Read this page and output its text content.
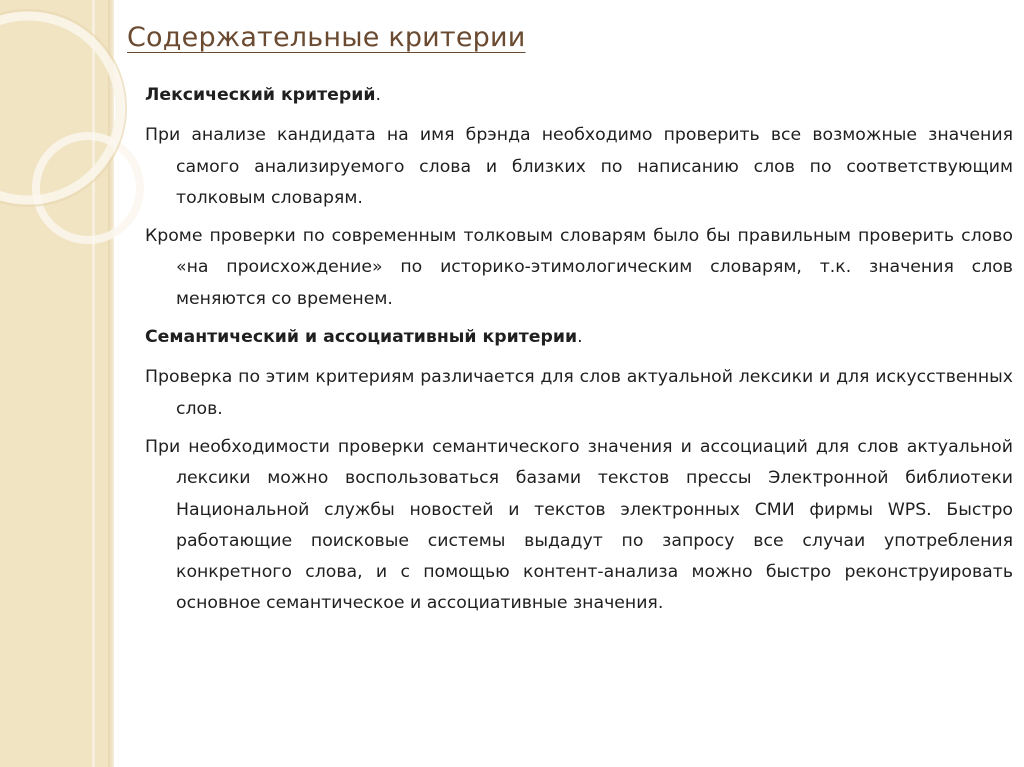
Содержательные критерии

Лексический критерий.

При анализе кандидата на имя брэнда необходимо проверить все возможные значения самого анализируемого слова и близких по написанию слов по соответствующим толковым словарям.

Кроме проверки по современным толковым словарям было бы правильным проверить слово «на происхождение» по историко-этимологическим словарям, т.к. значения слов меняются со временем.

Семантический и ассоциативный критерии.

Проверка по этим критериям различается для слов актуальной лексики и для искусственных слов.

При необходимости проверки семантического значения и ассоциаций для слов актуальной лексики можно воспользоваться базами текстов прессы Электронной библиотеки Национальной службы новостей и текстов электронных СМИ фирмы WPS. Быстро работающие поисковые системы выдадут по запросу все случаи употребления конкретного слова, и с помощью контент-анализа можно быстро реконструировать основное семантическое и ассоциативные значения.
